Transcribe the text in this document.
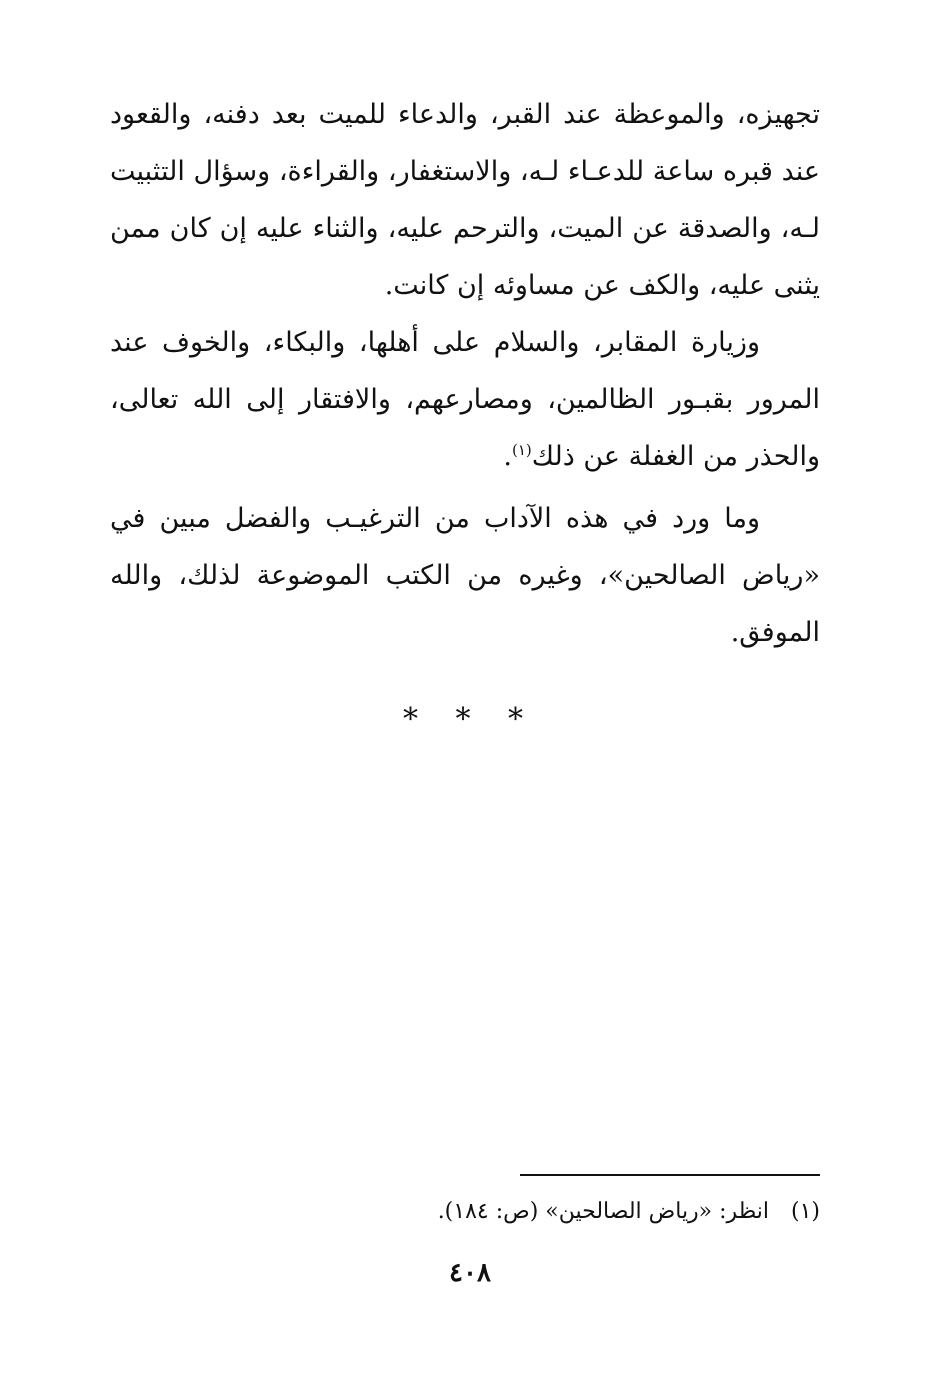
تجهيزه، والموعظة عند القبر، والدعاء للميت بعد دفنه، والقعود عند قبره ساعة للدعـاء لـه، والاستغفار، والقراءة، وسؤال التثبيت لـه، والصدقة عن الميت، والترحم عليه، والثناء عليه إن كان ممن يثنى عليه، والكف عن مساوئه إن كانت.

وزيارة المقابر، والسلام على أهلها، والبكاء، والخوف عند المرور بقبـور الظالمين، ومصارعهم، والافتقار إلى الله تعالى، والحذر من الغفلة عن ذلك$^{(١)}$.

وما ورد في هذه الآداب من الترغيـب والفضل مبين في «رياض الصالحين»، وغيره من الكتب الموضوعة لذلك، والله الموفق.

* * *
(١)انظر: «رياض الصالحين» (ص: ١٨٤).
٤٠٨
